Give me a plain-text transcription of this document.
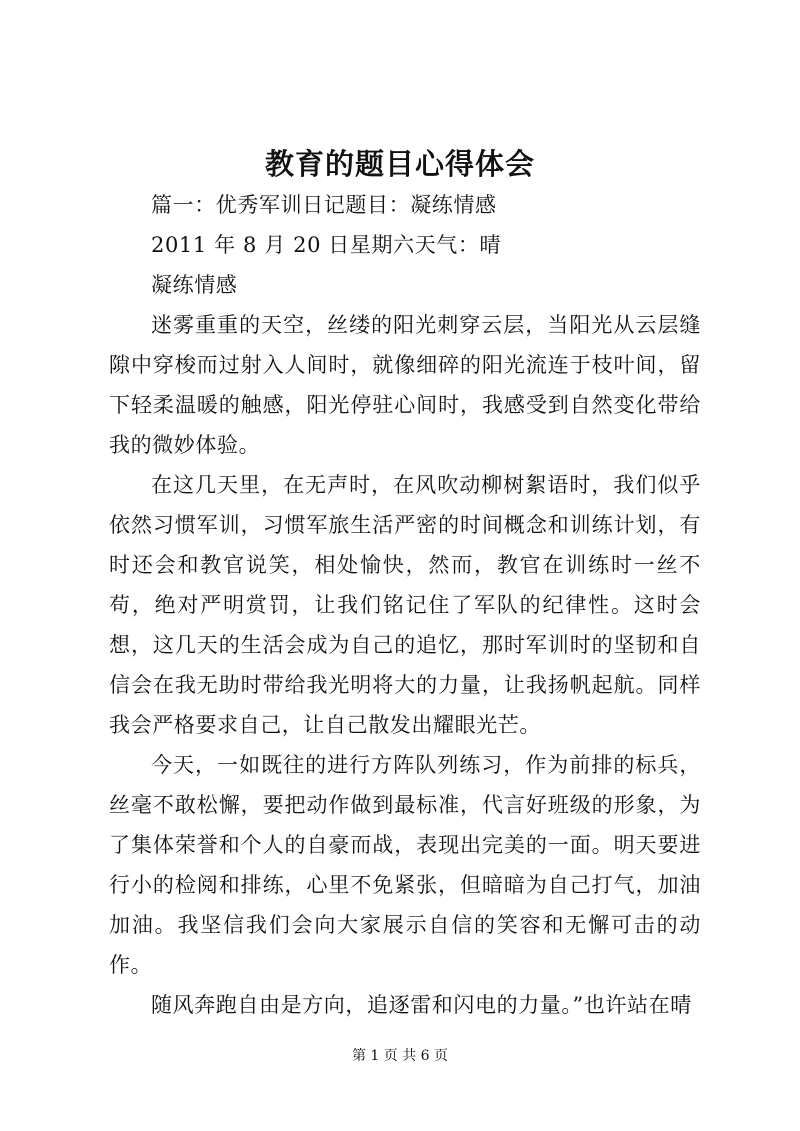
教育的题目心得体会

篇一：优秀军训日记题目：凝练情感

2011 年 8 月 20 日星期六天气：晴

凝练情感

迷雾重重的天空，丝缕的阳光刺穿云层，当阳光从云层缝隙中穿梭而过射入人间时，就像细碎的阳光流连于枝叶间，留下轻柔温暖的触感，阳光停驻心间时，我感受到自然变化带给我的微妙体验。

在这几天里，在无声时，在风吹动柳树絮语时，我们似乎依然习惯军训，习惯军旅生活严密的时间概念和训练计划，有时还会和教官说笑，相处愉快，然而，教官在训练时一丝不苟，绝对严明赏罚，让我们铭记住了军队的纪律性。这时会想，这几天的生活会成为自己的追忆，那时军训时的坚韧和自信会在我无助时带给我光明将大的力量，让我扬帆起航。同样我会严格要求自己，让自己散发出耀眼光芒。

今天，一如既往的进行方阵队列练习，作为前排的标兵，丝毫不敢松懈，要把动作做到最标准，代言好班级的形象，为了集体荣誉和个人的自豪而战，表现出完美的一面。明天要进行小的检阅和排练，心里不免紧张，但暗暗为自己打气，加油加油。我坚信我们会向大家展示自信的笑容和无懈可击的动作。

随风奔跑自由是方向，追逐雷和闪电的力量。”也许站在晴

第 1 页 共 6 页
